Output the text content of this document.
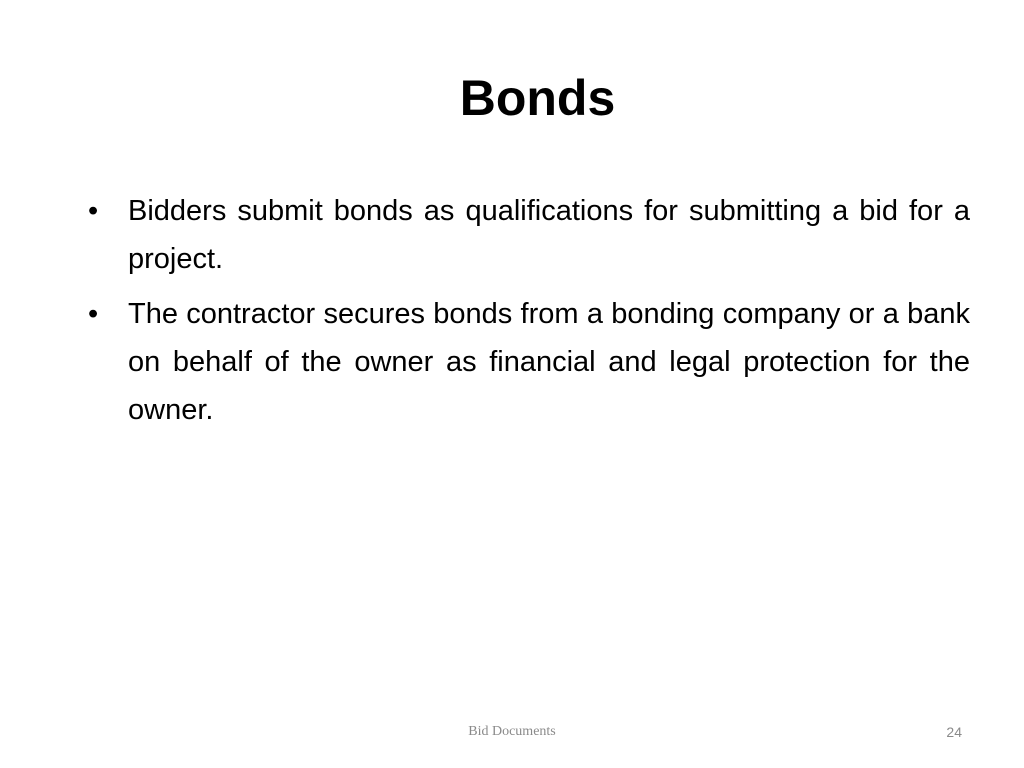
Bonds
•	Bidders submit bonds as qualifications for submitting a bid for a project.
•	The contractor secures bonds from a bonding company or a bank on behalf of the owner as financial and legal protection for the owner.
Bid Documents	24
